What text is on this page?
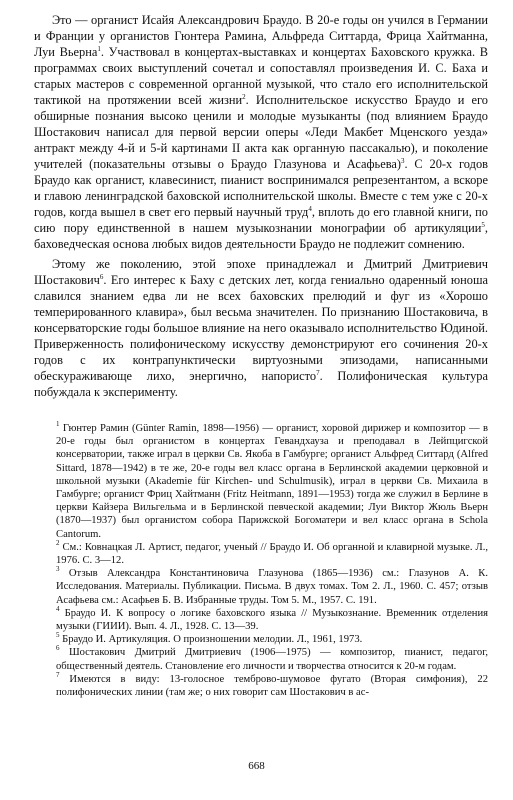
Это — органист Исайя Александрович Браудо. В 20-е годы он учился в Германии и Франции у органистов Гюнтера Рамина, Альфреда Ситтарда, Фрица Хайтманна, Луи Вьерна$^1$. Участвовал в концертах-выставках и концертах Баховского кружка. В программах своих выступлений сочетал и сопоставлял произведения И. С. Баха и старых мастеров с современной органной музыкой, что стало его исполнительской тактикой на протяжении всей жизни$^2$. Исполнительское искусство Браудо и его обширные познания высоко ценили и молодые музыканты (под влиянием Браудо Шостакович написал для первой версии оперы «Леди Макбет Мценского уезда» антракт между 4-й и 5-й картинами II акта как органную пассакалью), и поколение учителей (показательны отзывы о Браудо Глазунова и Асафьева)$^3$. С 20-х годов Браудо как органист, клавесинист, пианист воспринимался репрезентантом, а вскоре и главою ленинградской баховской исполнительской школы. Вместе с тем уже с 20-х годов, когда вышел в свет его первый научный труд$^4$, вплоть до его главной книги, по сию пору единственной в нашем музыкознании монографии об артикуляции$^5$, баховедческая основа любых видов деятельности Браудо не подлежит сомнению.

Этому же поколению, этой эпохе принадлежал и Дмитрий Дмитриевич Шостакович$^6$. Его интерес к Баху с детских лет, когда гениально одаренный юноша славился знанием едва ли не всех баховских прелюдий и фуг из «Хорошо темперированного клавира», был весьма значителен. По признанию Шостаковича, в консерваторские годы большое влияние на него оказывало исполнительство Юдиной. Приверженность полифоническому искусству демонстрируют его сочинения 20-х годов с их контрапунктически виртуозными эпизодами, написанными обескураживающе лихо, энергично, напористо$^7$. Полифоническая культура побуждала к эксперименту.

$^1$ Гюнтер Рамин (Günter Ramin, 1898—1956) — органист, хоровой дирижер и композитор — в 20-е годы был органистом в концертах Гевандхауза и преподавал в Лейпцигской консерватории, также играл в церкви Св. Якоба в Гамбурге; органист Альфред Ситтард (Alfred Sittard, 1878—1942) в те же, 20-е годы вел класс органа в Берлинской академии церковной и школьной музыки (Akademie für Kirchen- und Schulmusik), играл в церкви Св. Михаила в Гамбурге; органист Фриц Хайтманн (Fritz Heitmann, 1891—1953) тогда же служил в Берлине в церкви Кайзера Вильгельма и в Берлинской певческой академии; Луи Виктор Жюль Вьерн (1870—1937) был органистом собора Парижской Богоматери и вел класс органа в Schola Cantorum.

$^2$ См.: Ковнацкая Л. Артист, педагог, ученый // Браудо И. Об органной и клавирной музыке. Л., 1976. С. 3—12.

$^3$ Отзыв Александра Константиновича Глазунова (1865—1936) см.: Глазунов А. К. Исследования. Материалы. Публикации. Письма. В двух томах. Том 2. Л., 1960. С. 457; отзыв Асафьева см.: Асафьев Б. В. Избранные труды. Том 5. М., 1957. С. 191.

$^4$ Браудо И. К вопросу о логике баховского языка // Музыкознание. Временник отделения музыки (ГИИИ). Вып. 4. Л., 1928. С. 13—39.

$^5$ Браудо И. Артикуляция. О произношении мелодии. Л., 1961, 1973.

$^6$ Шостакович Дмитрий Дмитриевич (1906—1975) — композитор, пианист, педагог, общественный деятель. Становление его личности и творчества относится к 20-м годам.

$^7$ Имеются в виду: 13-голосное темброво-шумовое фугато (Вторая симфония), 22 полифонических линии (там же; о них говорит сам Шостакович в ас-

668
